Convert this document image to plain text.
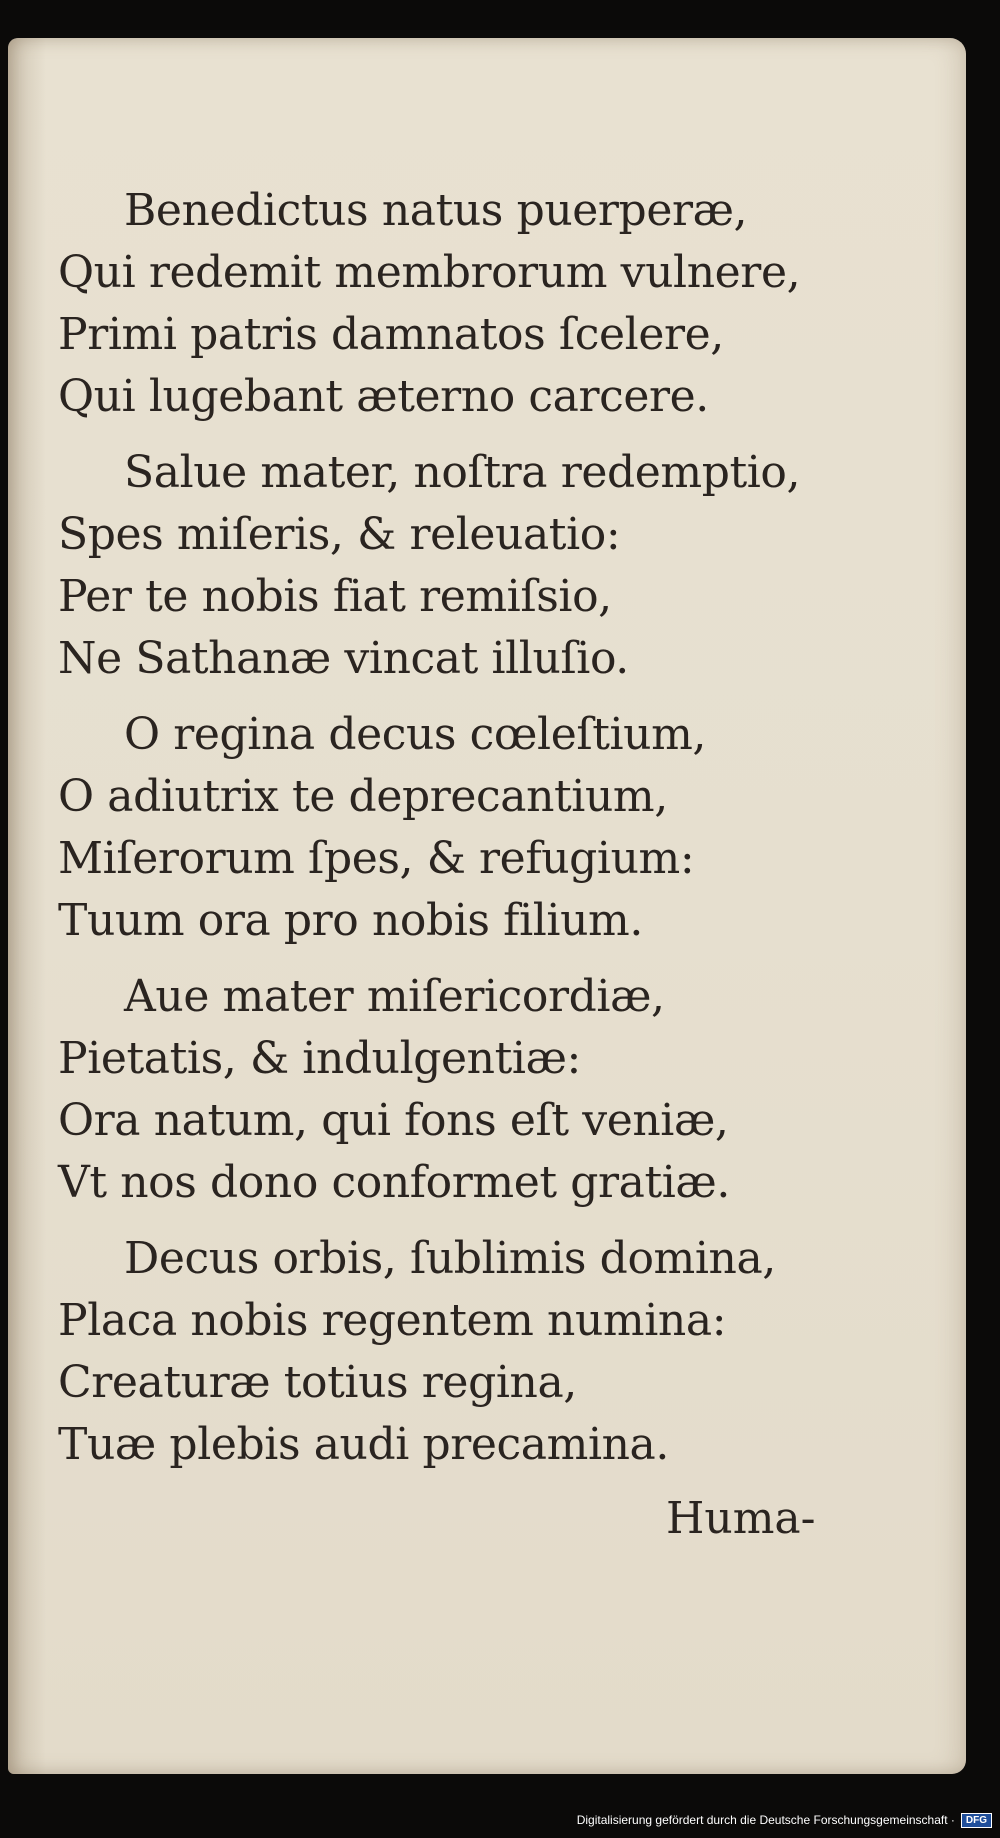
Benedictus natus puerperæ,
Qui redemit membrorum vulnere,
Primi patris damnatos ſcelere,
Qui lugebant æterno carcere.
Salue mater, noſtra redemptio,
Spes miſeris, & releuatio:
Per te nobis fiat remiſsio,
Ne Sathanæ vincat illuſio.
O regina decus cœleſtium,
O adiutrix te deprecantium,
Miſerorum ſpes, & refugium:
Tuum ora pro nobis filium.
Aue mater miſericordiæ,
Pietatis, & indulgentiæ:
Ora natum, qui fons eſt veniæ,
Vt nos dono conformet gratiæ.
Decus orbis, ſublimis domina,
Placa nobis regentem numina:
Creaturæ totius regina,
Tuæ plebis audi precamina.
Huma-
Digitalisierung gefördert durch die Deutsche Forschungsgemeinschaft ·	DFG
